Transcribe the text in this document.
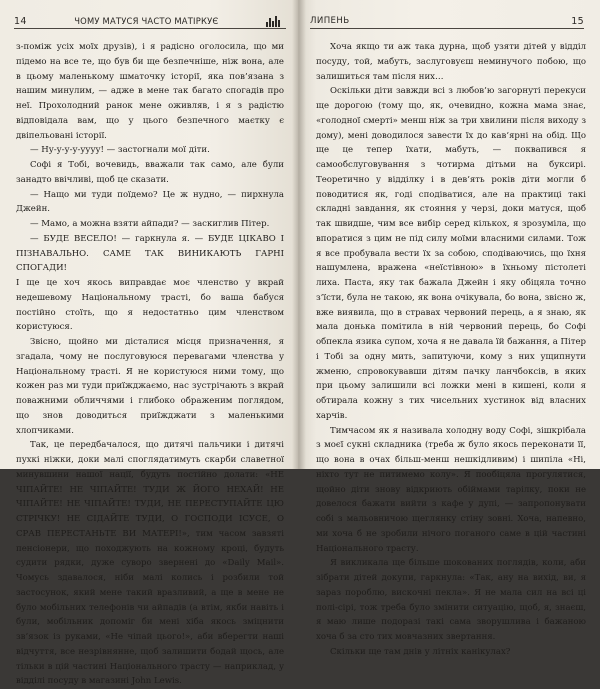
14	ЧОМУ МАТУСЯ ЧАСТО МАТІРКУЄ

з-поміж усіх моїх друзів), і я радісно оголосила, що ми підемо на все те, що був би ще безпечніше, ніж вона, але в цьому маленькому шматочку історії, яка пов’язана з нашим минулим, — адже в мене так багато спогадів про неї. Прохолодний ранок мене оживляв, і я з радістю відповідала вам, що у цього безпечного маєтку є двіпельовані історії.

— Ну-у-у-у-уууу! — застогнали мої діти.

Софі я Тобі, вочевидь, вважали так само, але були занадто ввічливі, щоб це сказати.

— Нащо ми туди поїдемо? Це ж нудно, — пирхнула Джейн.

— Мамо, а можна взяти айпади? — заскиглив Пітер.

— БУДЕ ВЕСЕЛО! — гаркнула я. — БУДЕ ЦІКАВО І ПІЗНАВАЛЬНО. САМЕ ТАК ВИНИКАЮТЬ ГАРНІ СПОГАДИ!

І ще це хоч якось виправдає моє членство у вкрай недешевому Національному трасті, бо ваша бабуся постійно стоїть, що я недостатньо цим членством користуюся.

Звісно, щойно ми дісталися місця призначення, я згадала, чому не послуговуюся перевагами членства у Національному трасті. Я не користуюся ними тому, що кожен раз ми туди приїжджаємо, нас зустрічають з вкрай поважними обличчями і глибоко ображеним поглядом, що знов доводиться приїжджати з маленькими хлопчиками.

Так, це передбачалося, що дитячі пальчики і дитячі пухкі ніжки, доки малі споглядатимуть скарби славетної минувшини нашої нації, будуть постійно долати: «НЕ ЧІПАЙТЕ! НЕ ЧІПАЙТЕ! ТУДИ Ж ЙОГО НЕХАЙ! НЕ ЧІПАЙТЕ! НЕ ЧІПАЙТЕ! ТУДИ, НЕ ПЕРЕСТУПАЙТЕ ЦЮ СТРІЧКУ! НЕ СІДАЙТЕ ТУДИ, О ГОСПОДИ ІСУСЕ, О СРАВ ПЕРЕСТАНЬТЕ ВИ МАТЕРІ!», тим часом завзяті пенсіонери, що походжують на кожному кроці, будуть судити рядки, дуже суворо звернені до «Daily Mail». Чомусь здавалося, ніби малі колись і розбили той застосунок, який мене такий вразливий, а ще в мене не було мобільних телефонів чи айпадів (а втім, якби навіть і були, мобільник допоміг би мені хіба якось зміцнити зв’язок із руками, «Не чіпай цього!», аби вберегти наші відчуття, все незрівнянне, щоб залишити бодай щось, але тільки в цій частині Національного трасту — наприклад, у відділі посуду в магазині John Lewis.

ЛИПЕНЬ	15

Хоча якщо ти аж така дурна, щоб узяти дітей у відділ посуду, той, мабуть, заслуговуєш неминучого побою, що залишиться там після них…

Оскільки діти завжди всі з любов’ю загорнуті перекуси ще дорогою (тому що, як, очевидно, кожна мама знає, «голодної смерті» менш ніж за три хвилини після виходу з дому), мені доводилося завести їх до кав’ярні на обід. Що ще це тепер їхати, мабуть, — поквапився я самообслуговування з чотирма дітьми на буксирі. Теоретично у відділку і в дев’ять років діти могли б поводитися як, годі сподіватися, але на практиці такі складні завдання, як стояння у черзі, доки матуся, щоб так швидше, чим все вибір серед кількох, я зрозуміла, що впоратися з цим не під силу моїми власними силами. Тож я все пробувала вести їх за собою, сподіваючись, що їхня нашумлена, вражена «неїстівною» в їхньому пістолеті лиха. Паста, яку так бажала Джейн і яку обіцяла точно з’їсти, була не такою, як вона очікувала, бо вона, звісно ж, вже виявила, що в стравах червоний перець, а я знаю, як мала донька помітила в ній червоний перець, бо Софі обпекла язика супом, хоча я не давала їй бажання, а Пітер і Тобі за одну мить, запитуючи, кому з них ущипнути жменю, спровокувавши дітям пачку ланчбоксів, в яких при цьому залишили всі ложки мені в кишені, коли я обтирала кожну з тих чисельних хустинок від власних харчів.

Тимчасом як я називала холодну воду Софі, зішкрібала з моєї сукні складника (треба ж було якось переконати її, що вона в очах більш-менш нешкідливим) і шипіла «Ні, ніхто тут не питимемо колу». Я пообіцяла прогулятися, щойно діти знову відкриють обіймами тарілку, поки не довелося бажати вийти з кафе у дупі, — запропонувати собі з мальовничою щеглянку стіну зовні. Хоча, напевно, ми хоча б не зробили нічого поганого саме в цій частині Національного трасту.

Я викликала ще більше шокованих поглядів, коли, аби зібрати дітей докупи, гаркнула: «Так, ану на вихід, ви, я зараз пороблю, вискочні пекла». Я не мала сил на всі ці полі-сірі, тож треба було змінити ситуацію, щоб, я, знаєш, я маю лише подоразі такі сама зворушлива і бажаною хоча б за сто тих мовчазних звертання.

Скільки ще там днів у літніх канікулах?
